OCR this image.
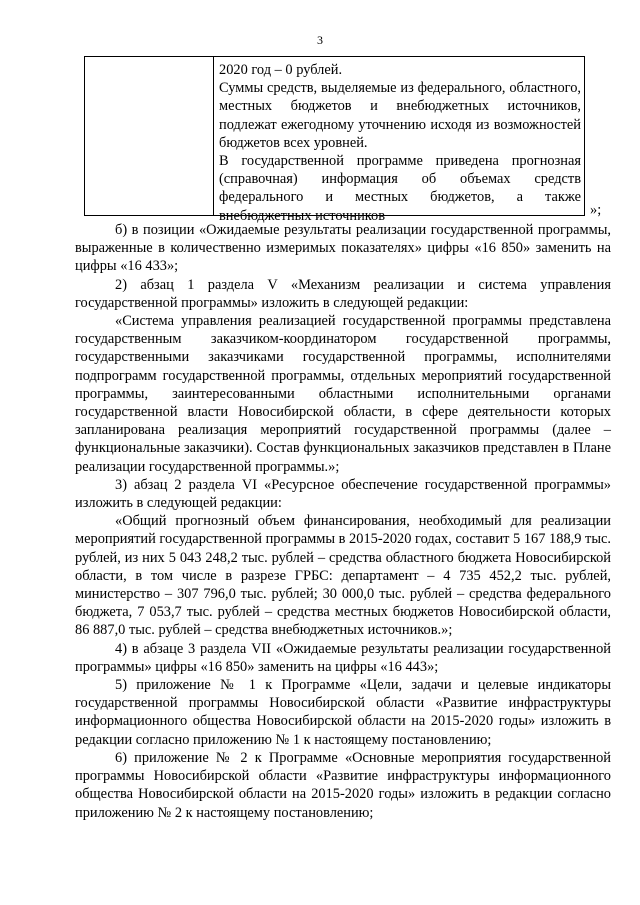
3

2020 год – 0 рублей.

Суммы средств, выделяемые из федерального, областного, местных бюджетов и внебюджетных источников, подлежат ежегодному уточнению исходя из возможностей бюджетов всех уровней.

В государственной программе приведена прогнозная (справочная) информация об объемах средств федерального и местных бюджетов, а также внебюджетных источников	»;

б) в позиции «Ожидаемые результаты реализации государственной программы, выраженные в количественно измеримых показателях» цифры «16 850» заменить на цифры «16 433»;

2) абзац 1 раздела V «Механизм реализации и система управления государственной программы» изложить в следующей редакции:

«Система управления реализацией государственной программы представлена государственным заказчиком-координатором государственной программы, государственными заказчиками государственной программы, исполнителями подпрограмм государственной программы, отдельных мероприятий государственной программы, заинтересованными областными исполнительными органами государственной власти Новосибирской области, в сфере деятельности которых запланирована реализация мероприятий государственной программы (далее – функциональные заказчики). Состав функциональных заказчиков представлен в Плане реализации государственной программы.»;

3) абзац 2 раздела VI «Ресурсное обеспечение государственной программы» изложить в следующей редакции:

«Общий прогнозный объем финансирования, необходимый для реализации мероприятий государственной программы в 2015-2020 годах, составит 5 167 188,9 тыс. рублей, из них 5 043 248,2 тыс. рублей – средства областного бюджета Новосибирской области, в том числе в разрезе ГРБС: департамент – 4 735 452,2 тыс. рублей, министерство – 307 796,0 тыс. рублей; 30 000,0 тыс. рублей – средства федерального бюджета, 7 053,7 тыс. рублей – средства местных бюджетов Новосибирской области, 86 887,0 тыс. рублей – средства внебюджетных источников.»;

4) в абзаце 3 раздела VII «Ожидаемые результаты реализации государственной программы» цифры «16 850» заменить на цифры «16 443»;

5) приложение № 1 к Программе «Цели, задачи и целевые индикаторы государственной программы Новосибирской области «Развитие инфраструктуры информационного общества Новосибирской области на 2015-2020 годы» изложить в редакции согласно приложению № 1 к настоящему постановлению;

6) приложение № 2 к Программе «Основные мероприятия государственной программы Новосибирской области «Развитие инфраструктуры информационного общества Новосибирской области на 2015-2020 годы» изложить в редакции согласно приложению № 2 к настоящему постановлению;
